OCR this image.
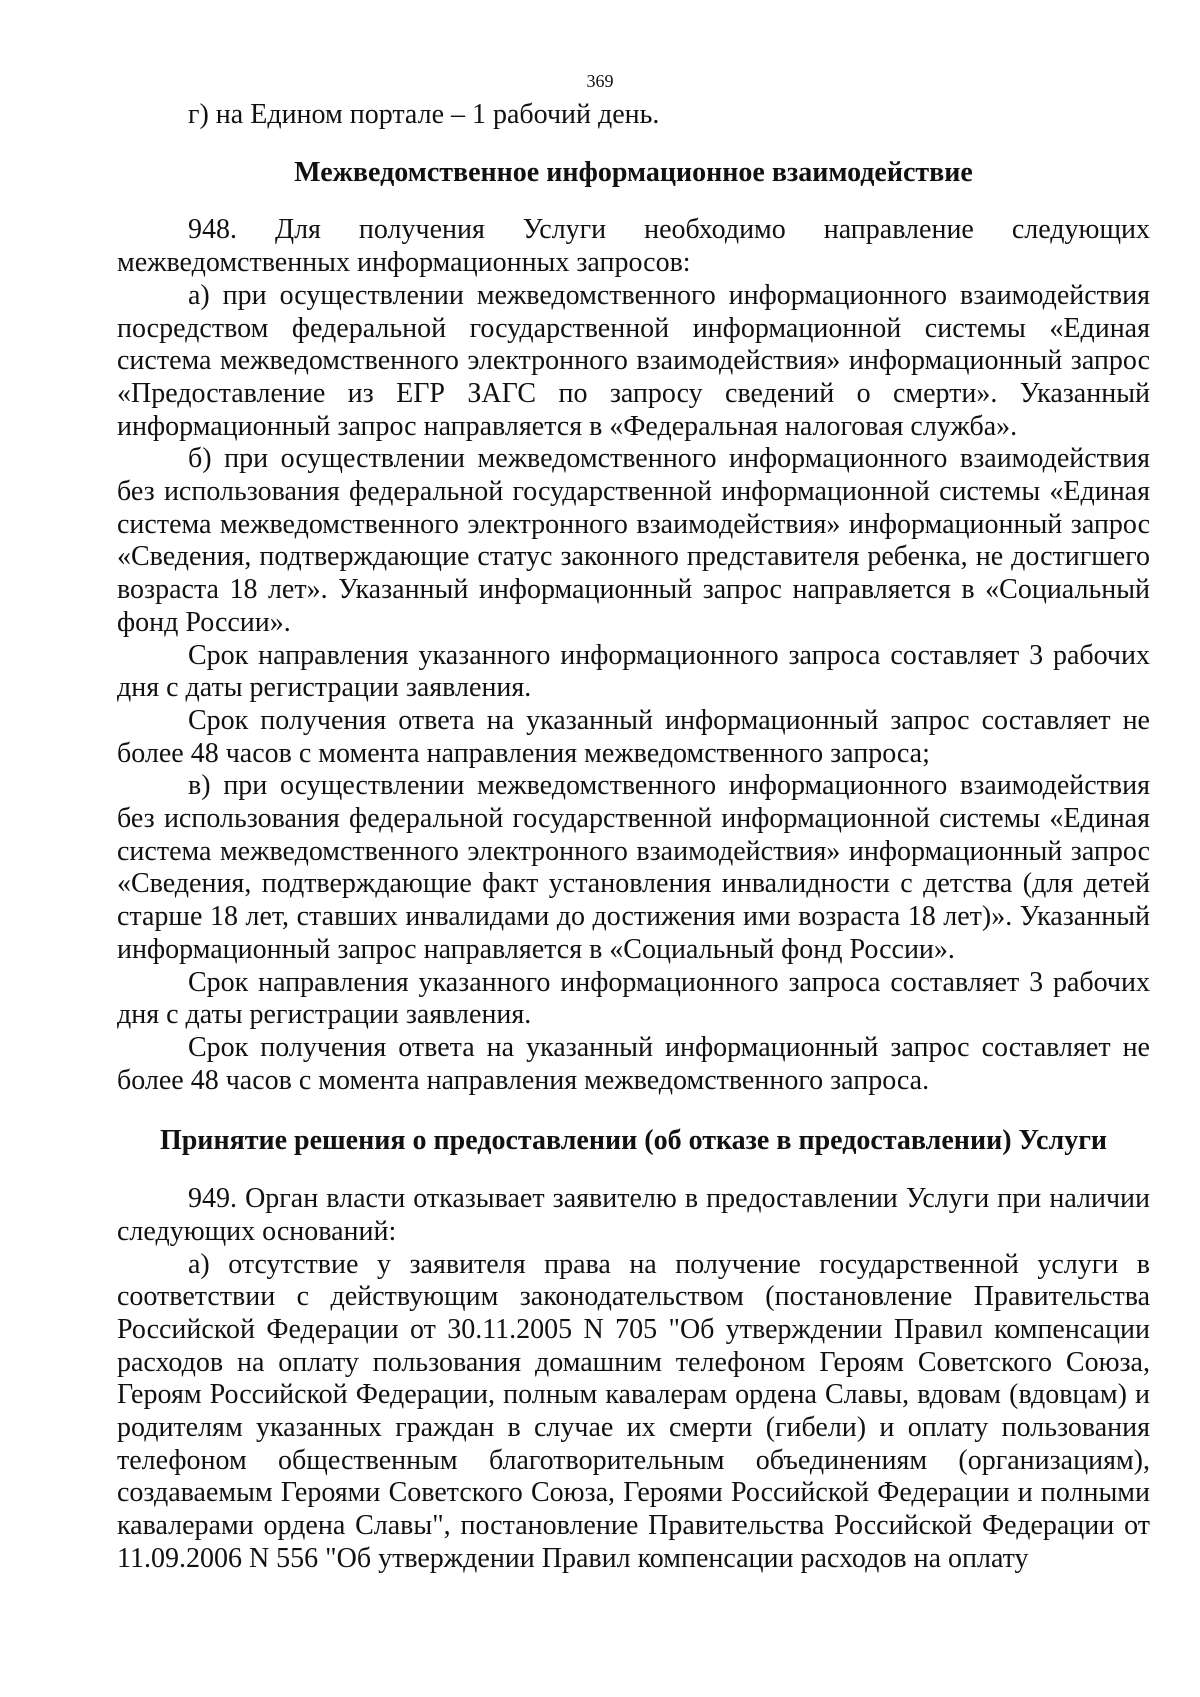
369

г) на Едином портале – 1 рабочий день.

Межведомственное информационное взаимодействие

948. Для получения Услуги необходимо направление следующих межведомственных информационных запросов:

а) при осуществлении межведомственного информационного взаимодействия посредством федеральной государственной информационной системы «Единая система межведомственного электронного взаимодействия» информационный запрос «Предоставление из ЕГР ЗАГС по запросу сведений о смерти». Указанный информационный запрос направляется в «Федеральная налоговая служба».

б) при осуществлении межведомственного информационного взаимодействия без использования федеральной государственной информационной системы «Единая система межведомственного электронного взаимодействия» информационный запрос «Сведения, подтверждающие статус законного представителя ребенка, не достигшего возраста 18 лет». Указанный информационный запрос направляется в «Социальный фонд России».

Срок направления указанного информационного запроса составляет 3 рабочих дня с даты регистрации заявления.

Срок получения ответа на указанный информационный запрос составляет не более 48 часов с момента направления межведомственного запроса;

в) при осуществлении межведомственного информационного взаимодействия без использования федеральной государственной информационной системы «Единая система межведомственного электронного взаимодействия» информационный запрос «Сведения, подтверждающие факт установления инвалидности с детства (для детей старше 18 лет, ставших инвалидами до достижения ими возраста 18 лет)». Указанный информационный запрос направляется в «Социальный фонд России».

Срок направления указанного информационного запроса составляет 3 рабочих дня с даты регистрации заявления.

Срок получения ответа на указанный информационный запрос составляет не более 48 часов с момента направления межведомственного запроса.

Принятие решения о предоставлении (об отказе в предоставлении) Услуги

949. Орган власти отказывает заявителю в предоставлении Услуги при наличии следующих оснований:

а) отсутствие у заявителя права на получение государственной услуги в соответствии с действующим законодательством (постановление Правительства Российской Федерации от 30.11.2005 N 705 "Об утверждении Правил компенсации расходов на оплату пользования домашним телефоном Героям Советского Союза, Героям Российской Федерации, полным кавалерам ордена Славы, вдовам (вдовцам) и родителям указанных граждан в случае их смерти (гибели) и оплату пользования телефоном общественным благотворительным объединениям (организациям), создаваемым Героями Советского Союза, Героями Российской Федерации и полными кавалерами ордена Славы", постановление Правительства Российской Федерации от 11.09.2006 N 556 "Об утверждении Правил компенсации расходов на оплату
